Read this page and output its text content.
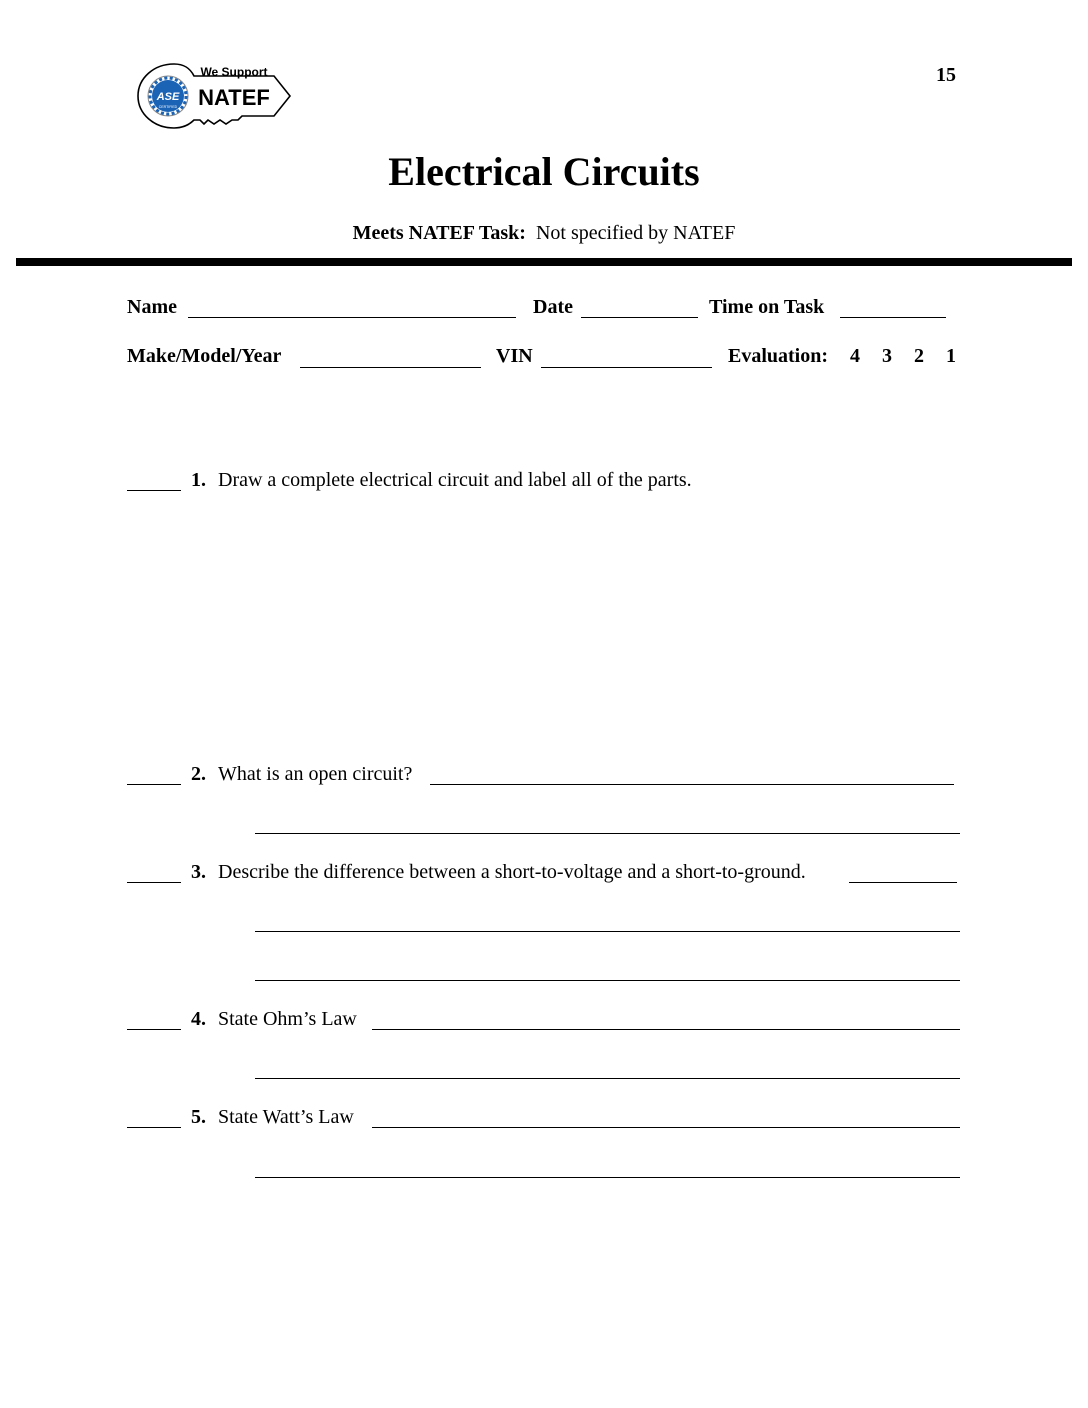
15
ASE
CERTIFIED
We Support
NATEF
Electrical Circuits
Meets NATEF Task: Not specified by NATEF
Name	Date	Time on Task
Make/Model/Year	VIN	Evaluation: 4 3 2 1
1. Draw a complete electrical circuit and label all of the parts.
2. What is an open circuit?
3. Describe the difference between a short-to-voltage and a short-to-ground.
4. State Ohm’s Law
5. State Watt’s Law
